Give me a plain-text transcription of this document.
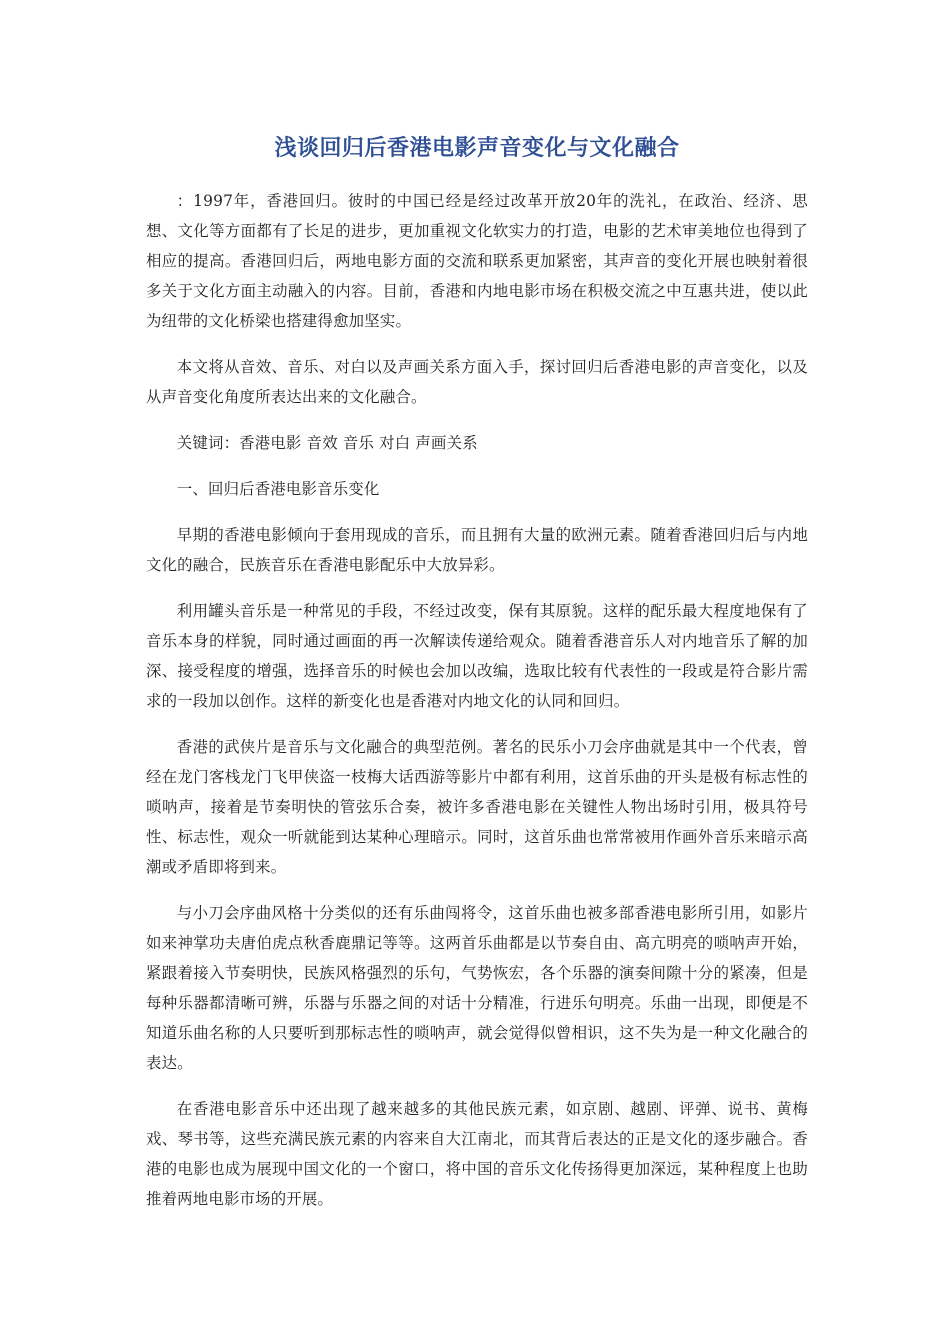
浅谈回归后香港电影声音变化与文化融合

：1997年，香港回归。彼时的中国已经是经过改革开放20年的洗礼，在政治、经济、思想、文化等方面都有了长足的进步，更加重视文化软实力的打造，电影的艺术审美地位也得到了相应的提高。香港回归后，两地电影方面的交流和联系更加紧密，其声音的变化开展也映射着很多关于文化方面主动融入的内容。目前，香港和内地电影市场在积极交流之中互惠共进，使以此为纽带的文化桥梁也搭建得愈加坚实。

本文将从音效、音乐、对白以及声画关系方面入手，探讨回归后香港电影的声音变化，以及从声音变化角度所表达出来的文化融合。

关键词：香港电影 音效 音乐 对白 声画关系

一、回归后香港电影音乐变化

早期的香港电影倾向于套用现成的音乐，而且拥有大量的欧洲元素。随着香港回归后与内地文化的融合，民族音乐在香港电影配乐中大放异彩。

利用罐头音乐是一种常见的手段，不经过改变，保有其原貌。这样的配乐最大程度地保有了音乐本身的样貌，同时通过画面的再一次解读传递给观众。随着香港音乐人对内地音乐了解的加深、接受程度的增强，选择音乐的时候也会加以改编，选取比较有代表性的一段或是符合影片需求的一段加以创作。这样的新变化也是香港对内地文化的认同和回归。

香港的武侠片是音乐与文化融合的典型范例。著名的民乐小刀会序曲就是其中一个代表，曾经在龙门客栈龙门飞甲侠盗一枝梅大话西游等影片中都有利用，这首乐曲的开头是极有标志性的唢呐声，接着是节奏明快的管弦乐合奏，被许多香港电影在关键性人物出场时引用，极具符号性、标志性，观众一听就能到达某种心理暗示。同时，这首乐曲也常常被用作画外音乐来暗示高潮或矛盾即将到来。

与小刀会序曲风格十分类似的还有乐曲闯将令，这首乐曲也被多部香港电影所引用，如影片如来神掌功夫唐伯虎点秋香鹿鼎记等等。这两首乐曲都是以节奏自由、高亢明亮的唢呐声开始，紧跟着接入节奏明快，民族风格强烈的乐句，气势恢宏，各个乐器的演奏间隙十分的紧凑，但是每种乐器都清晰可辨，乐器与乐器之间的对话十分精准，行进乐句明亮。乐曲一出现，即便是不知道乐曲名称的人只要听到那标志性的唢呐声，就会觉得似曾相识，这不失为是一种文化融合的表达。

在香港电影音乐中还出现了越来越多的其他民族元素，如京剧、越剧、评弹、说书、黄梅戏、琴书等，这些充满民族元素的内容来自大江南北，而其背后表达的正是文化的逐步融合。香港的电影也成为展现中国文化的一个窗口，将中国的音乐文化传扬得更加深远，某种程度上也助推着两地电影市场的开展。
